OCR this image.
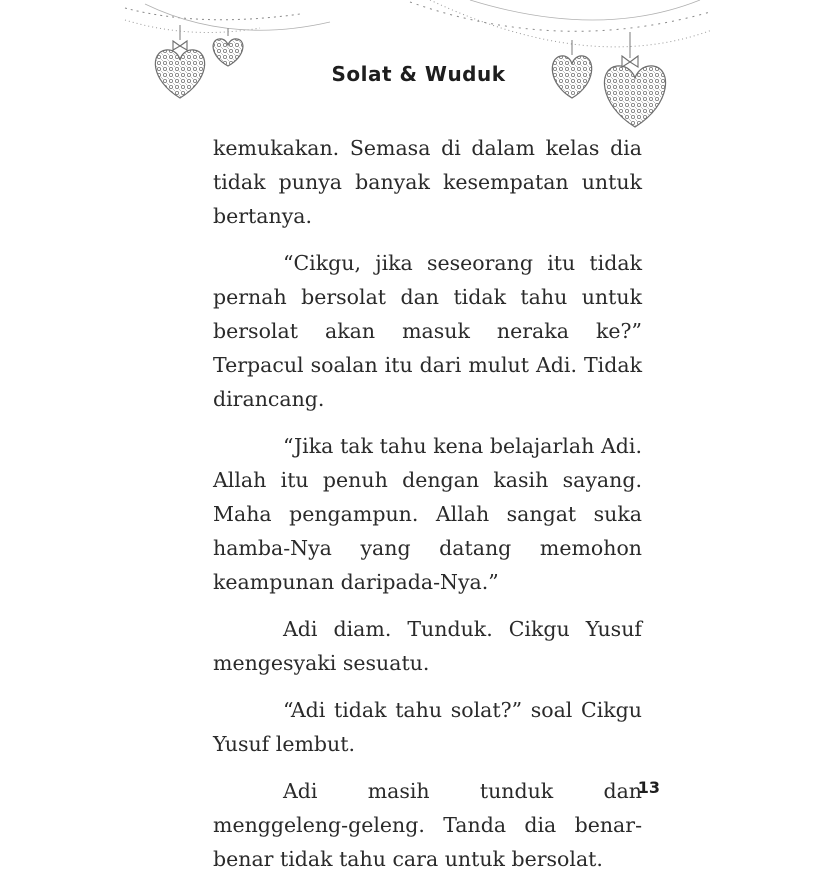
Solat & Wuduk

kemukakan. Semasa di dalam kelas dia tidak punya banyak kesempatan untuk bertanya.

“Cikgu, jika seseorang itu tidak pernah bersolat dan tidak tahu untuk bersolat akan masuk neraka ke?” Terpacul soalan itu dari mulut Adi. Tidak dirancang.

“Jika tak tahu kena belajarlah Adi. Allah itu penuh dengan kasih sayang. Maha pengampun. Allah sangat suka hamba-Nya yang datang memohon keampunan daripada-Nya.”

Adi diam. Tunduk. Cikgu Yusuf mengesyaki sesuatu.

“Adi tidak tahu solat?” soal Cikgu Yusuf lembut.

Adi masih tunduk dan menggeleng-geleng. Tanda dia benar-benar tidak tahu cara untuk bersolat.

13
